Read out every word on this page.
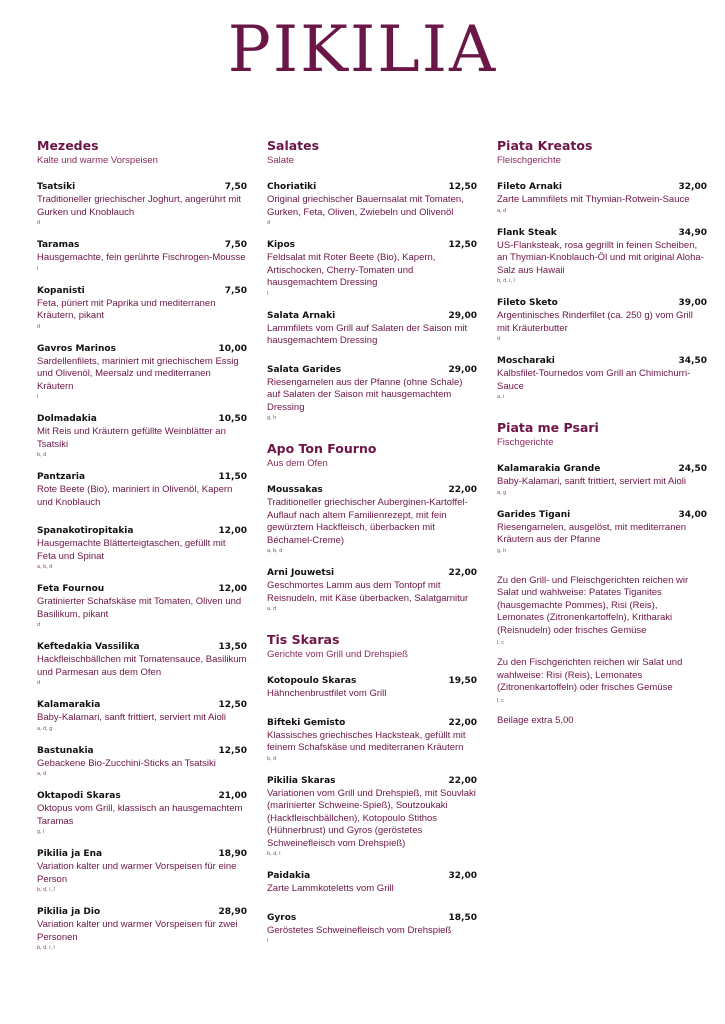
PIKILIA
Mezedes
Kalte und warme Vorspeisen
Tsatsiki	7,50
Traditioneller griechischer Joghurt, angerührt mit Gurken und Knoblauch
d
Taramas	7,50
Hausgemachte, fein gerührte Fischrogen-Mousse
i
Kopanisti	7,50
Feta, püriert mit Paprika und mediterranen Kräutern, pikant
d
Gavros Marinos	10,00
Sardellenfilets, mariniert mit griechischem Essig und Olivenöl, Meersalz und mediterranen Kräutern
i
Dolmadakia	10,50
Mit Reis und Kräutern gefüllte Weinblätter an Tsatsiki
b, d
Pantzaria	11,50
Rote Beete (Bio), mariniert in Olivenöl, Kapern und Knoblauch
Spanakotiropitakia	12,00
Hausgemachte Blätterteigtaschen, gefüllt mit Feta und Spinat
a, b, d
Feta Fournou	12,00
Gratinierter Schafskäse mit Tomaten, Oliven und Basilikum, pikant
d
Keftedakia Vassilika	13,50
Hackfleischbällchen mit Tomatensauce, Basilikum und Parmesan aus dem Ofen
d
Kalamarakia	12,50
Baby-Kalamari, sanft frittiert, serviert mit Aioli
a, d, g
Bastunakia	12,50
Gebackene Bio-Zucchini-Sticks an Tsatsiki
a, d
Oktapodi Skaras	21,00
Oktopus vom Grill, klassisch an hausgemachtem Taramas
g, i
Pikilia ja Ena	18,90
Variation kalter und warmer Vorspeisen für eine Person
b, d, i, l
Pikilia ja Dio	28,90
Variation kalter und warmer Vorspeisen für zwei Personen
b, d, i, l
Salates
Salate
Choriatiki	12,50
Original griechischer Bauernsalat mit Tomaten, Gurken, Feta, Oliven, Zwiebeln und Olivenöl
d
Kipos	12,50
Feldsalat mit Roter Beete (Bio), Kapern, Artischocken, Cherry-Tomaten und hausgemachtem Dressing
l
Salata Arnaki	29,00
Lammfilets vom Grill auf Salaten der Saison mit hausgemachtem Dressing
Salata Garides	29,00
Riesengarnelen aus der Pfanne (ohne Schale) auf Salaten der Saison mit hausgemachtem Dressing
g, h
Apo Ton Fourno
Aus dem Ofen
Moussakas	22,00
Traditioneller griechischer Auberginen-Kartoffel-Auflauf nach altem Familienrezept, mit fein gewürztem Hackfleisch, überbacken mit Béchamel-Creme)
a, b, d
Arni Jouwetsi	22,00
Geschmortes Lamm aus dem Tontopf mit Reisnudeln, mit Käse überbacken, Salatgarnitur
a, d
Tis Skaras
Gerichte vom Grill und Drehspieß
Kotopoulo Skaras	19,50
Hähnchenbrustfilet vom Grill
Bifteki Gemisto	22,00
Klassisches griechisches Hacksteak, gefüllt mit feinem Schafskäse und mediterranen Kräutern
b, d
Pikilia Skaras	22,00
Variationen vom Grill und Drehspieß, mit Souvlaki (marinierter Schweine-Spieß), Soutzoukaki (Hackfleischbällchen), Kotopoulo Stithos (Hühnerbrust) und Gyros (geröstetes Schweinefleisch vom Drehspieß)
b, d, l
Paidakia	32,00
Zarte Lammkoteletts vom Grill
Gyros	18,50
Geröstetes Schweinefleisch vom Drehspieß
l
Piata Kreatos
Fleischgerichte
Fileto Arnaki	32,00
Zarte Lammfilets mit Thymian-Rotwein-Sauce
a, d
Flank Steak	34,90
US-Flanksteak, rosa gegrillt in feinen Scheiben, an Thymian-Knoblauch-Öl und mit original Aloha-Salz aus Hawaii
b, d, i, l
Fileto Sketo	39,00
Argentinisches Rinderfilet (ca. 250 g) vom Grill mit Kräuterbutter
d
Moscharaki	34,50
Kalbsfilet-Tournedos vom Grill an Chimichurri-Sauce
a, i
Piata me Psari
Fischgerichte
Kalamarakia Grande	24,50
Baby-Kalamari, sanft frittiert, serviert mit Aioli
a, g
Garides Tigani	34,00
Riesengarnelen, ausgelöst, mit mediterranen Kräutern aus der Pfanne
g, h
Zu den Grill- und Fleischgerichten reichen wir Salat und wahlweise: Patates Tiganites (hausgemachte Pommes), Risi (Reis), Lemonates (Zitronenkartoffeln), Kritharaki (Reisnudeln) oder frisches Gemüse
l, c
Zu den Fischgerichten reichen wir Salat und wahlweise: Risi (Reis), Lemonates (Zitronenkartoffeln) oder frisches Gemüse
l, c
Beilage extra 5,00
